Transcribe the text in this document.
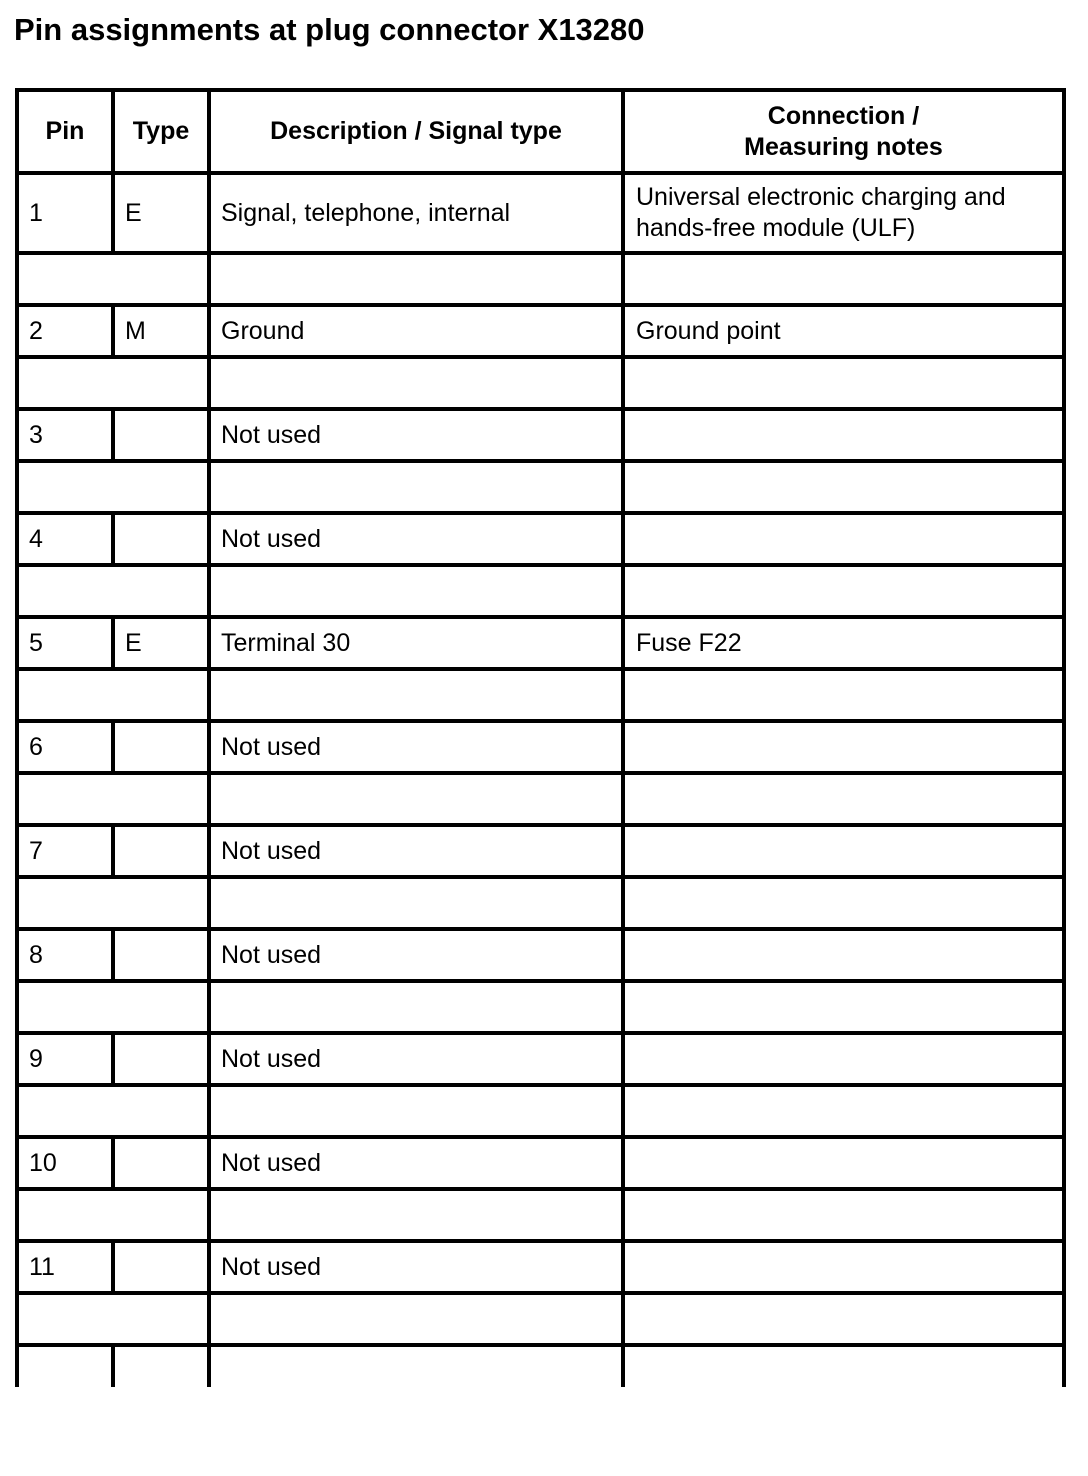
Pin assignments at plug connector X13280
Pin	Type	Description / Signal type	Connection /
Measuring notes

1	E	Signal, telephone, internal	Universal electronic charging and
hands-free module (ULF)

2	M	Ground	Ground point

3		Not used	

4		Not used	

5	E	Terminal 30	Fuse F22

6		Not used	

7		Not used	

8		Not used	

9		Not used	

10		Not used	

11		Not used	
